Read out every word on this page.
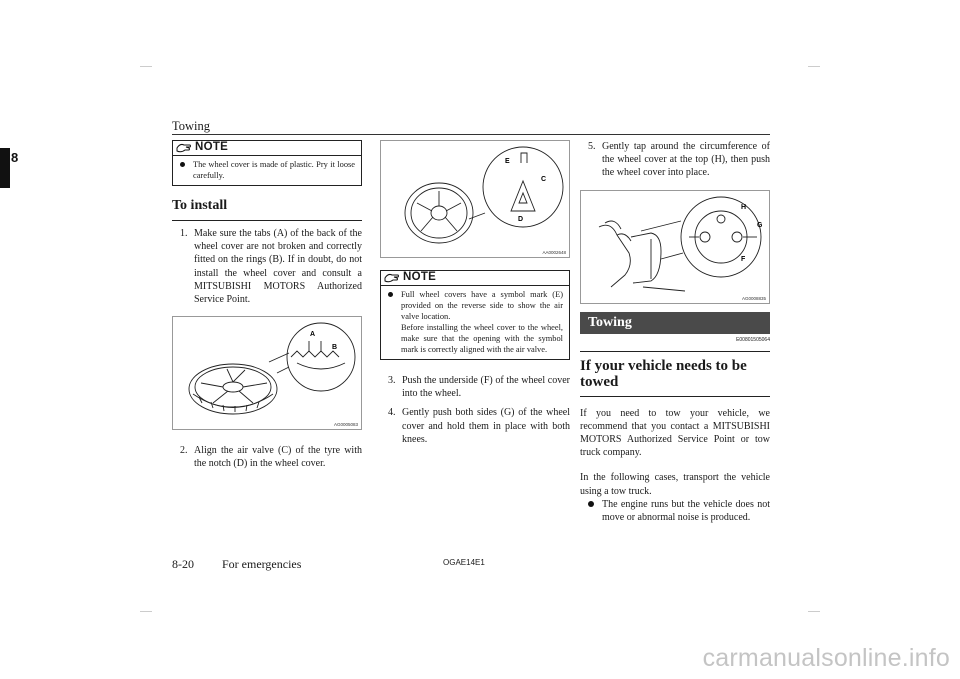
Towing
8
NOTE

The wheel cover is made of plastic. Pry it loose carefully.

To install
1. Make sure the tabs (A) of the back of the wheel cover are not broken and correctly fitted on the rings (B). If in doubt, do not install the wheel cover and consult a MITSUBISHI MOTORS Authorized Service Point.
A
B
AG0005083
2. Align the air valve (C) of the tyre with the notch (D) in the wheel cover.
E
C
D
AA0002648
NOTE

Full wheel covers have a symbol mark (E) provided on the reverse side to show the air valve location.

Before installing the wheel cover to the wheel, make sure that the opening with the symbol mark is correctly aligned with the air valve.

3. Push the underside (F) of the wheel cover into the wheel.
4. Gently push both sides (G) of the wheel cover and hold them in place with both knees.
5. Gently tap around the circumference of the wheel cover at the top (H), then push the wheel cover into place.
H
G
F
AG0008835
Towing
E00801505064
If your vehicle needs to be towed

If you need to tow your vehicle, we recommend that you contact a MITSUBISHI MOTORS Authorized Service Point or tow truck company.

In the following cases, transport the vehicle using a tow truck.

The engine runs but the vehicle does not move or abnormal noise is produced.
8-20 For emergencies	OGAE14E1
carmanualsonline.info
